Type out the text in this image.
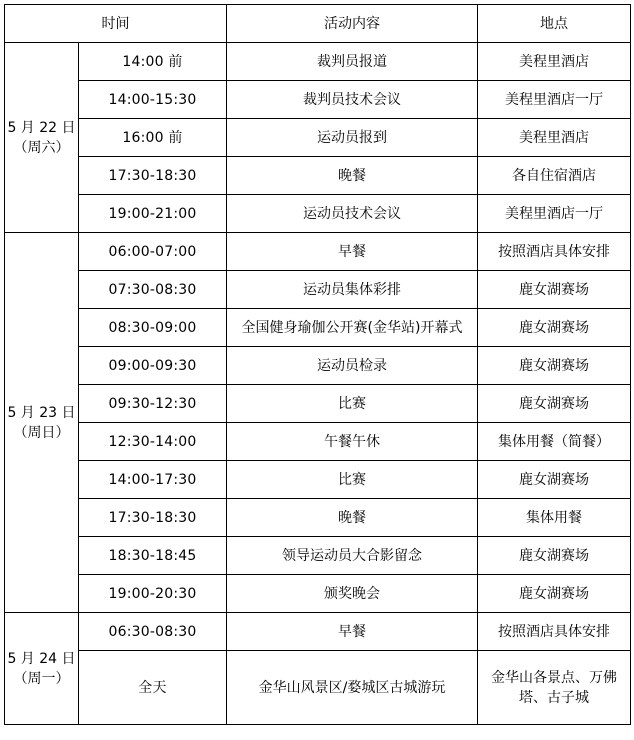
时间		活动内容	地点

5 月 22 日
（周六）	14:00 前	裁判员报道	美程里酒店
	14:00-15:30	裁判员技术会议	美程里酒店一厅
	16:00 前	运动员报到	美程里酒店
	17:30-18:30	晚餐	各自住宿酒店
	19:00-21:00	运动员技术会议	美程里酒店一厅

5 月 23 日
（周日）	06:00-07:00	早餐	按照酒店具体安排
	07:30-08:30	运动员集体彩排	鹿女湖赛场
	08:30-09:00	全国健身瑜伽公开赛(金华站)开幕式	鹿女湖赛场
	09:00-09:30	运动员检录	鹿女湖赛场
	09:30-12:30	比赛	鹿女湖赛场
	12:30-14:00	午餐午休	集体用餐（简餐）
	14:00-17:30	比赛	鹿女湖赛场
	17:30-18:30	晚餐	集体用餐
	18:30-18:45	领导运动员大合影留念	鹿女湖赛场
	19:00-20:30	颁奖晚会	鹿女湖赛场

5 月 24 日
（周一）	06:30-08:30	早餐	按照酒店具体安排
	全天	金华山风景区/婺城区古城游玩	金华山各景点、万佛
塔、古子城
